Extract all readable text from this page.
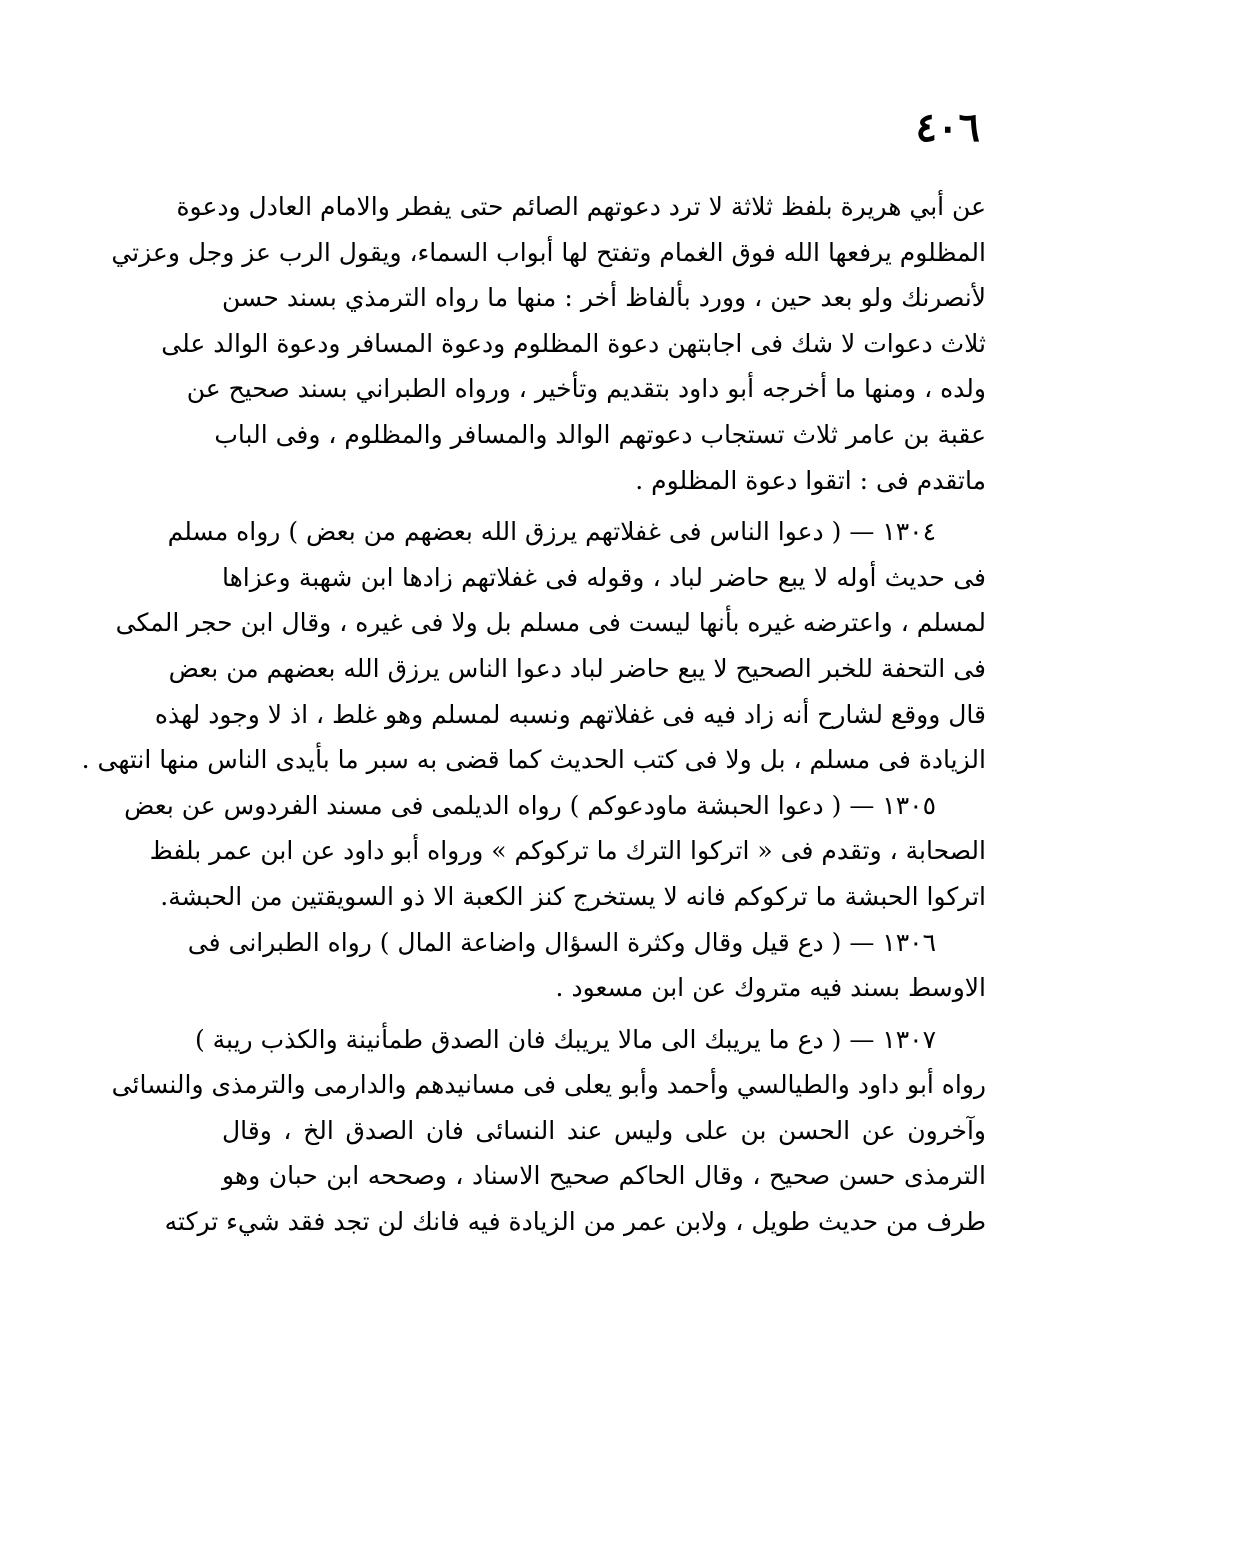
٤٠٦
عن أبي هريرة بلفظ ثلاثة لا ترد دعوتهم الصائم حتى يفطر والامام العادل ودعوة
المظلوم يرفعها الله فوق الغمام وتفتح لها أبواب السماء، ويقول الرب عز وجل وعزتي
لأنصرنك ولو بعد حين ، وورد بألفاظ أخر : منها ما رواه الترمذي بسند حسن
ثلاث دعوات لا شك فى اجابتهن دعوة المظلوم ودعوة المسافر ودعوة الوالد على
ولده ، ومنها ما أخرجه أبو داود بتقديم وتأخير ، ورواه الطبراني بسند صحيح عن
عقبة بن عامر ثلاث تستجاب دعوتهم الوالد والمسافر والمظلوم ، وفى الباب
ماتقدم فى : اتقوا دعوة المظلوم .
١٣٠٤ — ( دعوا الناس فى غفلاتهم يرزق الله بعضهم من بعض ) رواه مسلم
فى حديث أوله لا يبع حاضر لباد ، وقوله فى غفلاتهم زادها ابن شهبة وعزاها
لمسلم ، واعترضه غيره بأنها ليست فى مسلم بل ولا فى غيره ، وقال ابن حجر المكى
فى التحفة للخبر الصحيح لا يبع حاضر لباد دعوا الناس يرزق الله بعضهم من بعض
قال ووقع لشارح أنه زاد فيه فى غفلاتهم ونسبه لمسلم وهو غلط ، اذ لا وجود لهذه
الزيادة فى مسلم ، بل ولا فى كتب الحديث كما قضى به سبر ما بأيدى الناس منها انتهى .
١٣٠٥ — ( دعوا الحبشة ماودعوكم ) رواه الديلمى فى مسند الفردوس عن بعض
الصحابة ، وتقدم فى « اتركوا الترك ما تركوكم » ورواه أبو داود عن ابن عمر بلفظ
اتركوا الحبشة ما تركوكم فانه لا يستخرج كنز الكعبة الا ذو السويقتين من الحبشة.
١٣٠٦ — ( دع قيل وقال وكثرة السؤال واضاعة المال ) رواه الطبرانى فى
الاوسط بسند فيه متروك عن ابن مسعود .
١٣٠٧ — ( دع ما يريبك الى مالا يريبك فان الصدق طمأنينة والكذب ريبة )
رواه أبو داود والطيالسي وأحمد وأبو يعلى فى مسانيدهم والدارمى والترمذى والنسائى
وآخرون عن الحسن بن على وليس عند النسائى فان الصدق الخ ، وقال
الترمذى حسن صحيح ، وقال الحاكم صحيح الاسناد ، وصححه ابن حبان وهو
طرف من حديث طويل ، ولابن عمر من الزيادة فيه فانك لن تجد فقد شيء تركته
